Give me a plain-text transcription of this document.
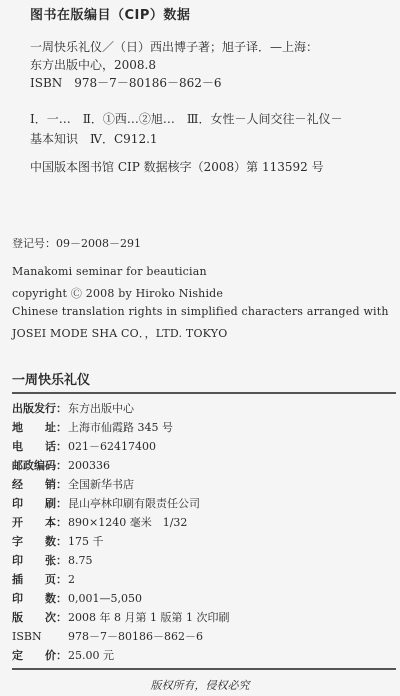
图书在版编目（CIP）数据
一周快乐礼仪／（日）西出博子著；旭子译．—上海：
东方出版中心，2008.8
ISBN　978－7－80186－862－6
Ⅰ．一…　Ⅱ．①西…②旭…　Ⅲ．女性－人间交往－礼仪－
基本知识　Ⅳ．C912.1
中国版本图书馆 CIP 数据核字（2008）第 113592 号
登记号：09－2008－291
Manakomi seminar for beautician
copyright Ⓒ 2008 by Hiroko Nishide
Chinese translation rights in simplified characters arranged with
JOSEI MODE SHA CO．，LTD. TOKYO
一周快乐礼仪
出版发行：东方出版中心
地　　址：上海市仙霞路 345 号
电　　话：021－62417400
邮政编码：200336
经　　销：全国新华书店
印　　刷：昆山亭林印刷有限责任公司
开　　本：890×1240 毫米　1/32
字　　数：175 千
印　　张：8.75
插　　页：2
印　　数：0,001—5,050
版　　次：2008 年 8 月第 1 版第 1 次印刷
ISBN 978－7－80186－862－6
定　　价：25.00 元
版权所有，侵权必究
